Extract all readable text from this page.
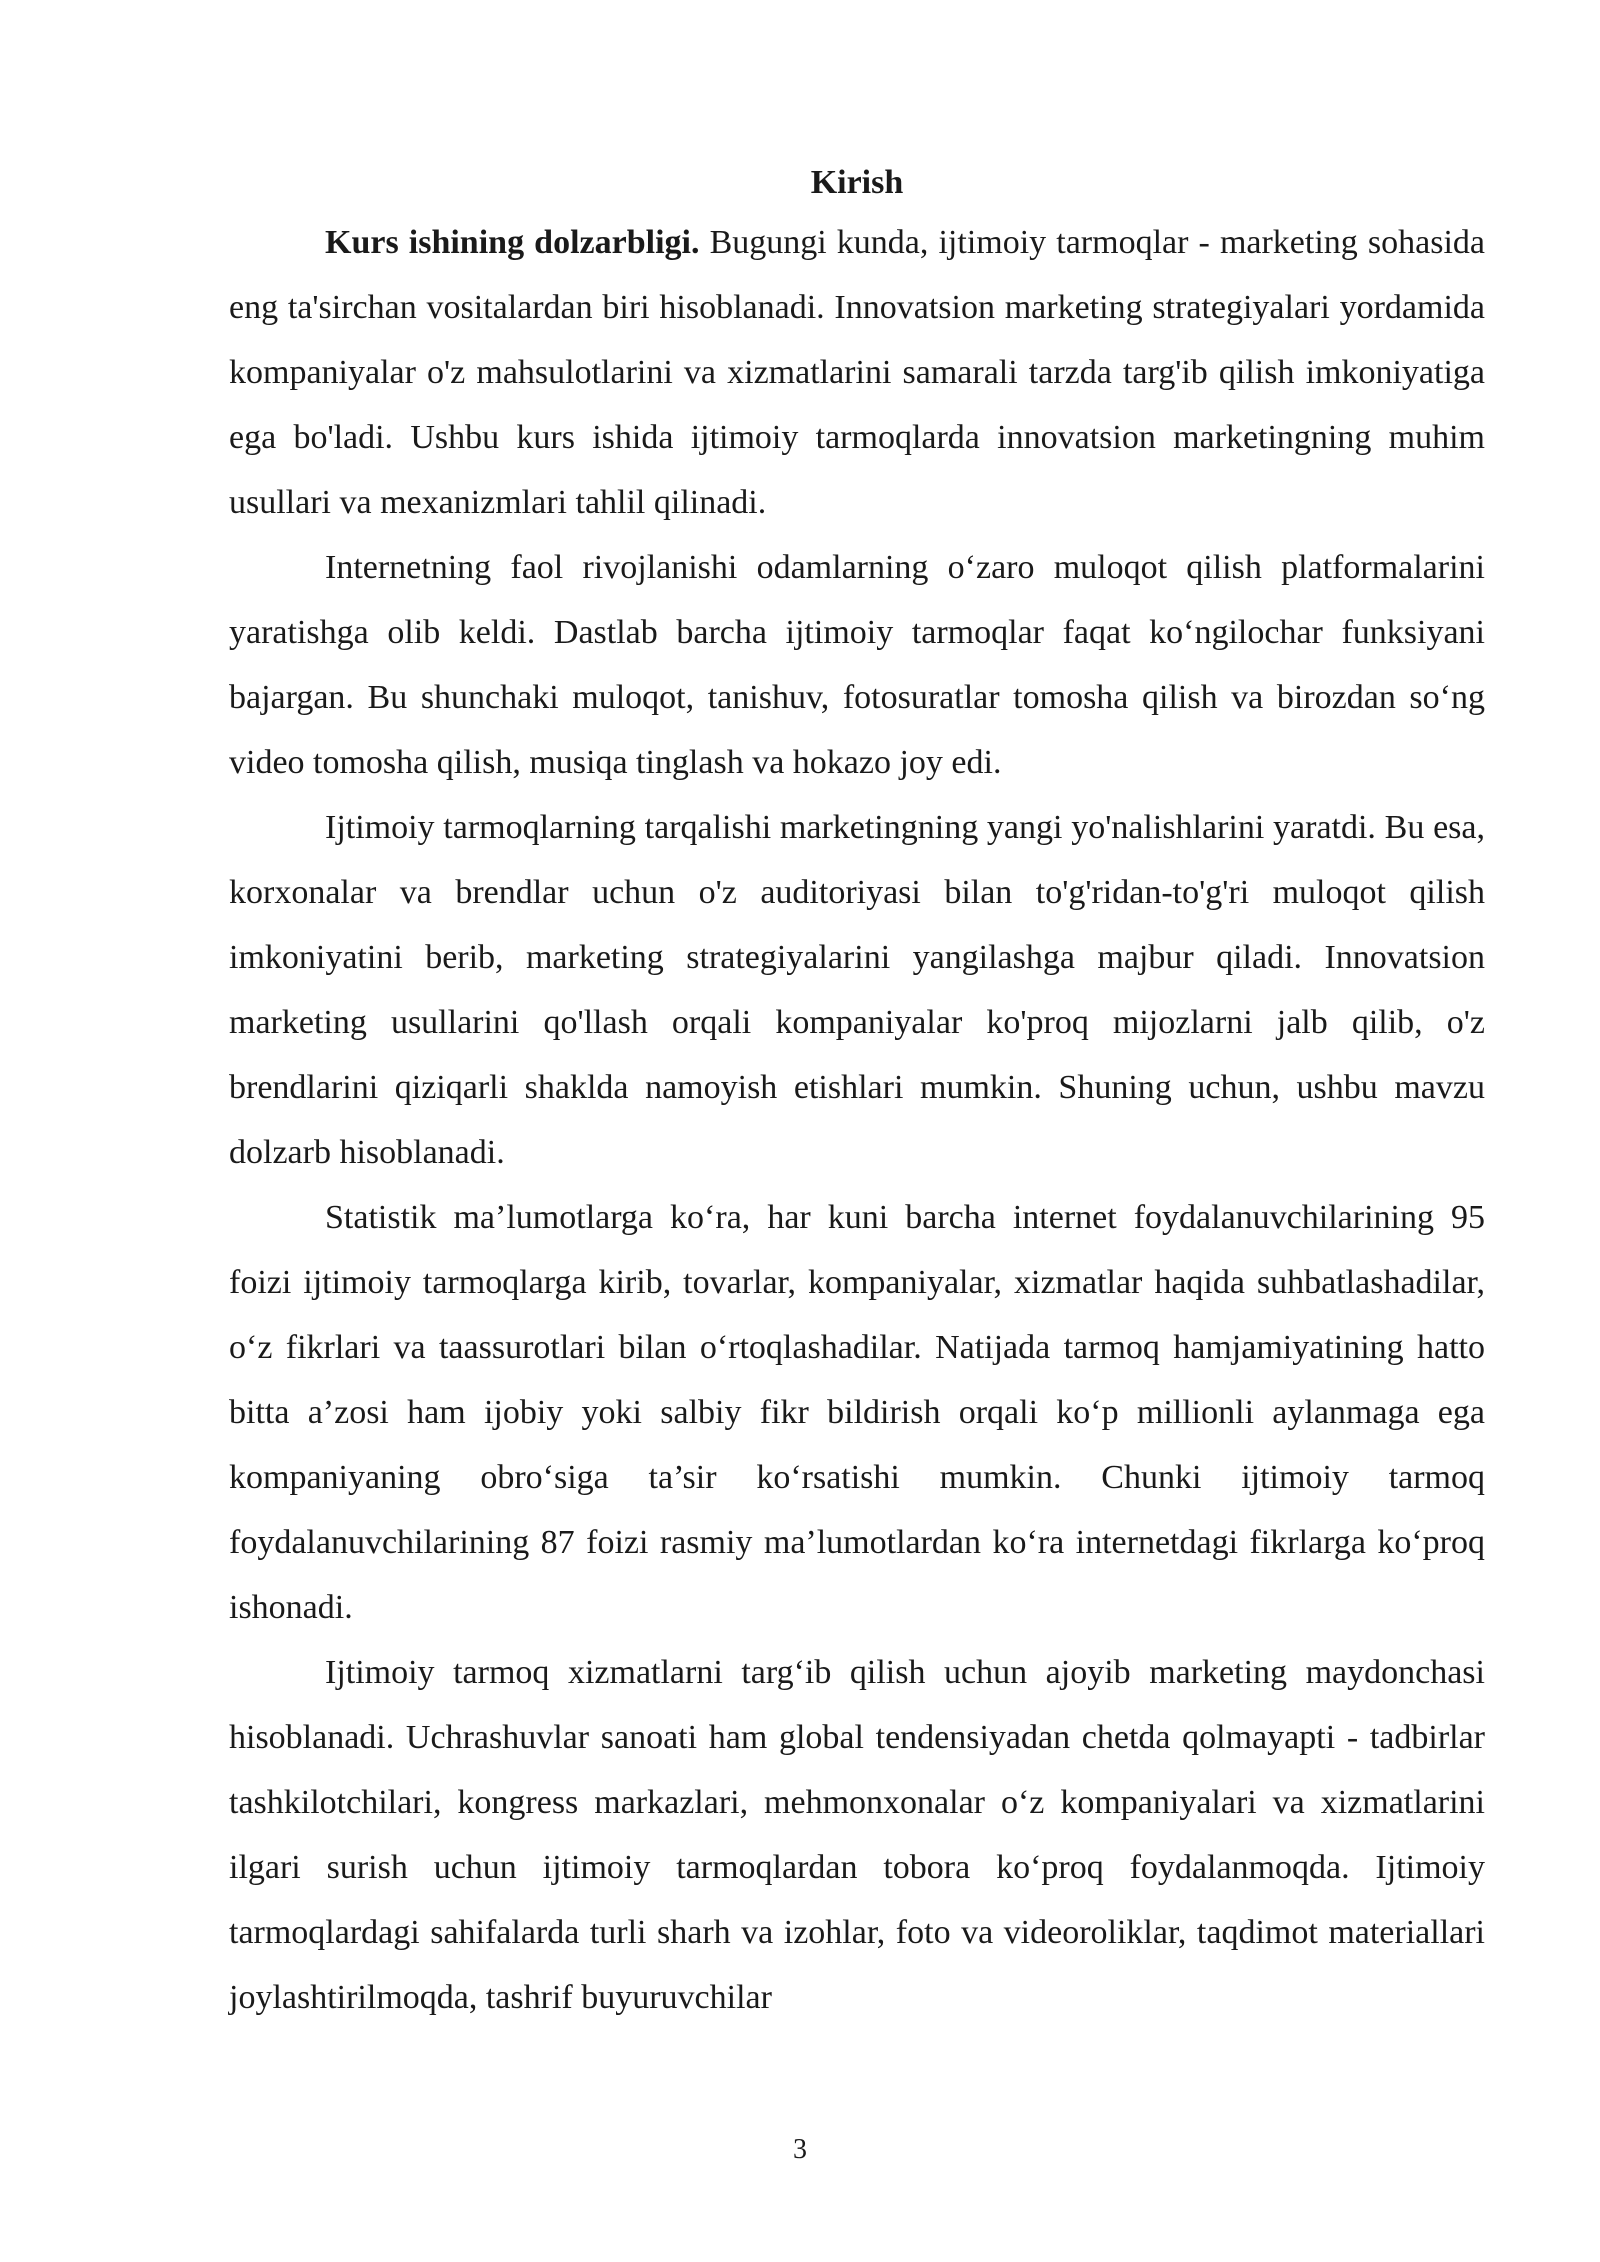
Kirish

Kurs ishining dolzarbligi. Bugungi kunda, ijtimoiy tarmoqlar - marketing sohasida eng ta'sirchan vositalardan biri hisoblanadi. Innovatsion marketing strategiyalari yordamida kompaniyalar o'z mahsulotlarini va xizmatlarini samarali tarzda targ'ib qilish imkoniyatiga ega bo'ladi. Ushbu kurs ishida ijtimoiy tarmoqlarda innovatsion marketingning muhim usullari va mexanizmlari tahlil qilinadi.

Internetning faol rivojlanishi odamlarning o‘zaro muloqot qilish platformalarini yaratishga olib keldi. Dastlab barcha ijtimoiy tarmoqlar faqat ko‘ngilochar funksiyani bajargan. Bu shunchaki muloqot, tanishuv, fotosuratlar tomosha qilish va birozdan so‘ng video tomosha qilish, musiqa tinglash va hokazo joy edi.

Ijtimoiy tarmoqlarning tarqalishi marketingning yangi yo'nalishlarini yaratdi. Bu esa, korxonalar va brendlar uchun o'z auditoriyasi bilan to'g'ridan-to'g'ri muloqot qilish imkoniyatini berib, marketing strategiyalarini yangilashga majbur qiladi. Innovatsion marketing usullarini qo'llash orqali kompaniyalar ko'proq mijozlarni jalb qilib, o'z brendlarini qiziqarli shaklda namoyish etishlari mumkin. Shuning uchun, ushbu mavzu dolzarb hisoblanadi.

Statistik ma’lumotlarga ko‘ra, har kuni barcha internet foydalanuvchilarining 95 foizi ijtimoiy tarmoqlarga kirib, tovarlar, kompaniyalar, xizmatlar haqida suhbatlashadilar, o‘z fikrlari va taassurotlari bilan o‘rtoqlashadilar. Natijada tarmoq hamjamiyatining hatto bitta a’zosi ham ijobiy yoki salbiy fikr bildirish orqali ko‘p millionli aylanmaga ega kompaniyaning obro‘siga ta’sir ko‘rsatishi mumkin. Chunki ijtimoiy tarmoq foydalanuvchilarining 87 foizi rasmiy ma’lumotlardan ko‘ra internetdagi fikrlarga ko‘proq ishonadi.

Ijtimoiy tarmoq xizmatlarni targ‘ib qilish uchun ajoyib marketing maydonchasi hisoblanadi. Uchrashuvlar sanoati ham global tendensiyadan chetda qolmayapti - tadbirlar tashkilotchilari, kongress markazlari, mehmonxonalar o‘z kompaniyalari va xizmatlarini ilgari surish uchun ijtimoiy tarmoqlardan tobora ko‘proq foydalanmoqda. Ijtimoiy tarmoqlardagi sahifalarda turli sharh va izohlar, foto va videoroliklar, taqdimot materiallari joylashtirilmoqda, tashrif buyuruvchilar

3
